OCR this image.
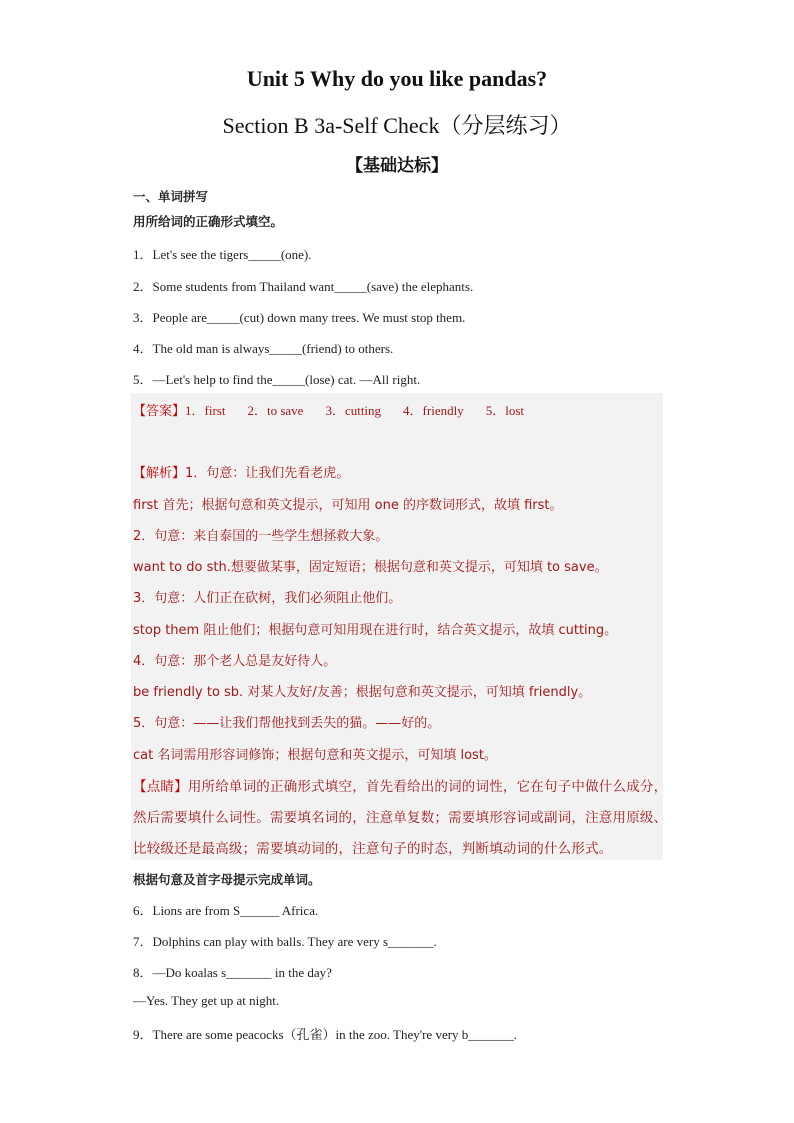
Unit 5 Why do you like pandas?
Section B 3a-Self Check（分层练习）
【基础达标】
一、单词拼写
用所给词的正确形式填空。
1．Let's see the tigers_____(one).
2．Some students from Thailand want_____(save) the elephants.
3．People are_____(cut) down many trees. We must stop them.
4．The old man is always_____(friend) to others.
5．—Let's help to find the_____(lose) cat. —All right.
【答案】1．first 2．to save 3．cutting 4．friendly 5．lost
【解析】1．句意：让我们先看老虎。
first 首先；根据句意和英文提示，可知用 one 的序数词形式，故填 first。
2．句意：来自泰国的一些学生想拯救大象。
want to do sth.想要做某事，固定短语；根据句意和英文提示，可知填 to save。
3．句意：人们正在砍树，我们必须阻止他们。
stop them 阻止他们；根据句意可知用现在进行时，结合英文提示，故填 cutting。
4．句意：那个老人总是友好待人。
be friendly to sb. 对某人友好/友善；根据句意和英文提示，可知填 friendly。
5．句意：——让我们帮他找到丢失的猫。——好的。
cat 名词需用形容词修饰；根据句意和英文提示，可知填 lost。
【点睛】用所给单词的正确形式填空，首先看给出的词的词性，它在句子中做什么成分，
然后需要填什么词性。需要填名词的，注意单复数；需要填形容词或副词，注意用原级、
比较级还是最高级；需要填动词的，注意句子的时态，判断填动词的什么形式。
根据句意及首字母提示完成单词。
6．Lions are from S______ Africa.
7．Dolphins can play with balls. They are very s_______.
8．—Do koalas s_______ in the day?
—Yes. They get up at night.
9．There are some peacocks（孔雀）in the zoo. They're very b_______.
